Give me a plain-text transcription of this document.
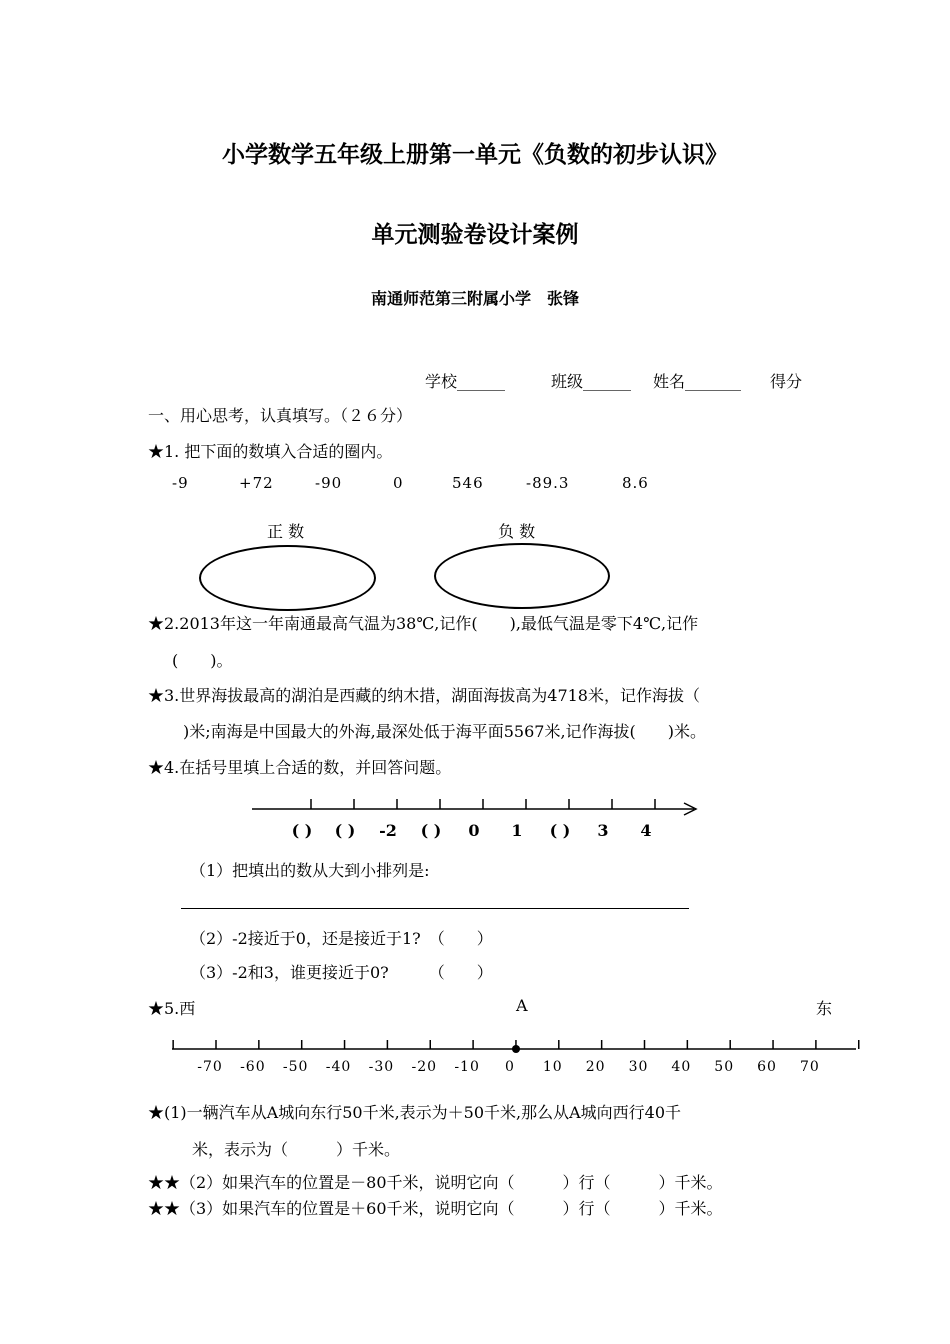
小学数学五年级上册第一单元《负数的初步认识》
单元测验卷设计案例
南通师范第三附属小学　张锋
学校______	班级______ 姓名_______ 得分
一、用心思考，认真填写。（２６分）
★1. 把下面的数填入合适的圈内。
-9	+72	-90	0	546	-89.3	8.6
正 数	负 数
★2.2013年这一年南通最高气温为38℃,记作(　　),最低气温是零下4℃,记作
(　　)。
★3.世界海拔最高的湖泊是西藏的纳木措，湖面海拔高为4718米，记作海拔（
)米;南海是中国最大的外海,最深处低于海平面5567米,记作海拔(　　)米。
★4.在括号里填上合适的数，并回答问题。
( ) ( ) -2 ( ) 0 1 ( ) 3 4
（1）把填出的数从大到小排列是:
（2）-2接近于0，还是接近于1?　（　　）
（3）-2和3，谁更接近于0?　　　（　　）
★5.西	A	东
-70 -60 -50 -40 -30 -20 -10 0 10 20 30 40 50 60 70
★(1)一辆汽车从A城向东行50千米,表示为＋50千米,那么从A城向西行40千
米，表示为（　　　）千米。
★★（2）如果汽车的位置是－80千米，说明它向（　　　）行（　　　）千米。
★★（3）如果汽车的位置是＋60千米，说明它向（　　　）行（　　　）千米。
